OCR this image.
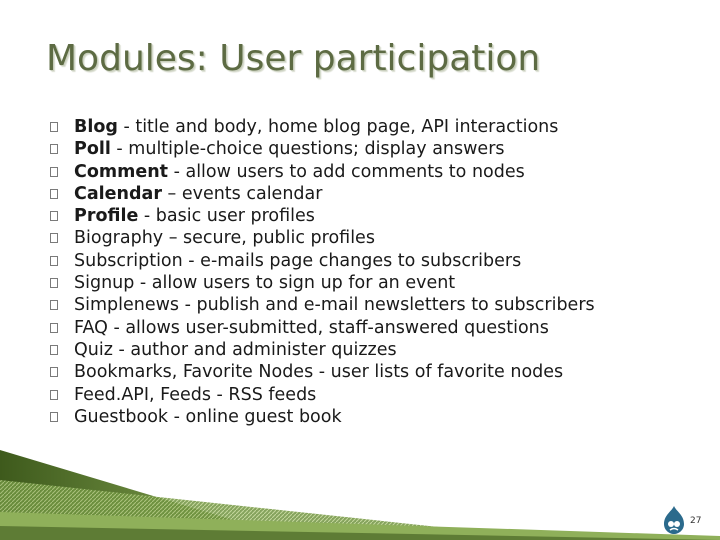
Modules: User participation
Blog - title and body, home blog page, API interactions
Poll - multiple-choice questions; display answers
Comment - allow users to add comments to nodes
Calendar – events calendar
Profile - basic user profiles
Biography – secure, public profiles
Subscription - e-mails page changes to subscribers
Signup - allow users to sign up for an event
Simplenews - publish and e-mail newsletters to subscribers
FAQ - allows user-submitted, staff-answered questions
Quiz - author and administer quizzes
Bookmarks, Favorite Nodes - user lists of favorite nodes
Feed.API, Feeds - RSS feeds
Guestbook - online guest book
27
